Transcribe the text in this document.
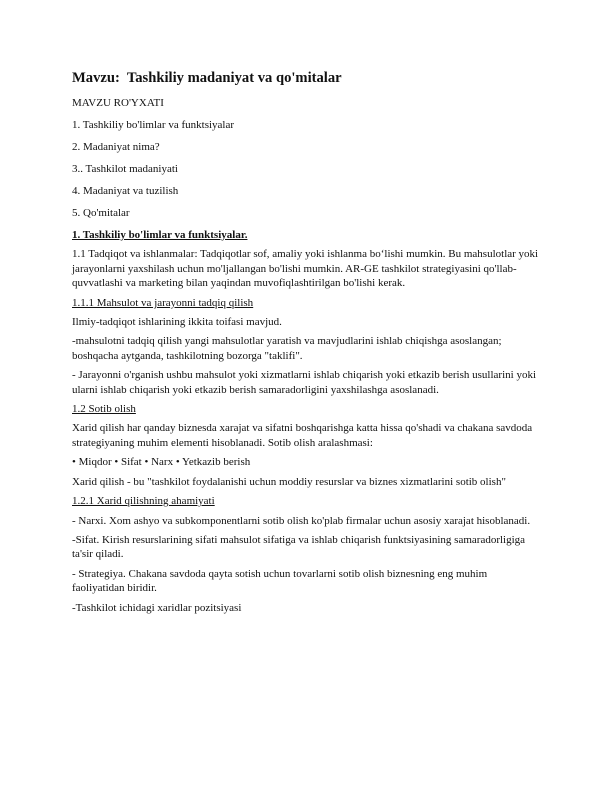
Mavzu:  Tashkiliy madaniyat va qo'mitalar

MAVZU RO'YXATI

1. Tashkiliy bo'limlar va funktsiyalar

2. Madaniyat nima?

3.. Tashkilot madaniyati

4. Madaniyat va tuzilish

5. Qo'mitalar

1. Tashkiliy bo'limlar va funktsiyalar.

1.1 Tadqiqot va ishlanmalar: Tadqiqotlar sof, amaliy yoki ishlanma bo‘lishi mumkin. Bu mahsulotlar yoki jarayonlarni yaxshilash uchun mo'ljallangan bo'lishi mumkin. AR-GE tashkilot strategiyasini qo'llab-quvvatlashi va marketing bilan yaqindan muvofiqlashtirilgan bo'lishi kerak.

1.1.1 Mahsulot va jarayonni tadqiq qilish

Ilmiy-tadqiqot ishlarining ikkita toifasi mavjud.

-mahsulotni tadqiq qilish yangi mahsulotlar yaratish va mavjudlarini ishlab chiqishga asoslangan; boshqacha aytganda, tashkilotning bozorga "taklifi".

- Jarayonni o'rganish ushbu mahsulot yoki xizmatlarni ishlab chiqarish yoki etkazib berish usullarini yoki ularni ishlab chiqarish yoki etkazib berish samaradorligini yaxshilashga asoslanadi.

1.2 Sotib olish

Xarid qilish har qanday biznesda xarajat va sifatni boshqarishga katta hissa qo'shadi va chakana savdoda strategiyaning muhim elementi hisoblanadi. Sotib olish aralashmasi:

• Miqdor • Sifat • Narx • Yetkazib berish

Xarid qilish - bu "tashkilot foydalanishi uchun moddiy resurslar va biznes xizmatlarini sotib olish"

1.2.1 Xarid qilishning ahamiyati

- Narxi. Xom ashyo va subkomponentlarni sotib olish ko'plab firmalar uchun asosiy xarajat hisoblanadi.

-Sifat. Kirish resurslarining sifati mahsulot sifatiga va ishlab chiqarish funktsiyasining samaradorligiga ta'sir qiladi.

- Strategiya. Chakana savdoda qayta sotish uchun tovarlarni sotib olish biznesning eng muhim faoliyatidan biridir.

-Tashkilot ichidagi xaridlar pozitsiyasi
